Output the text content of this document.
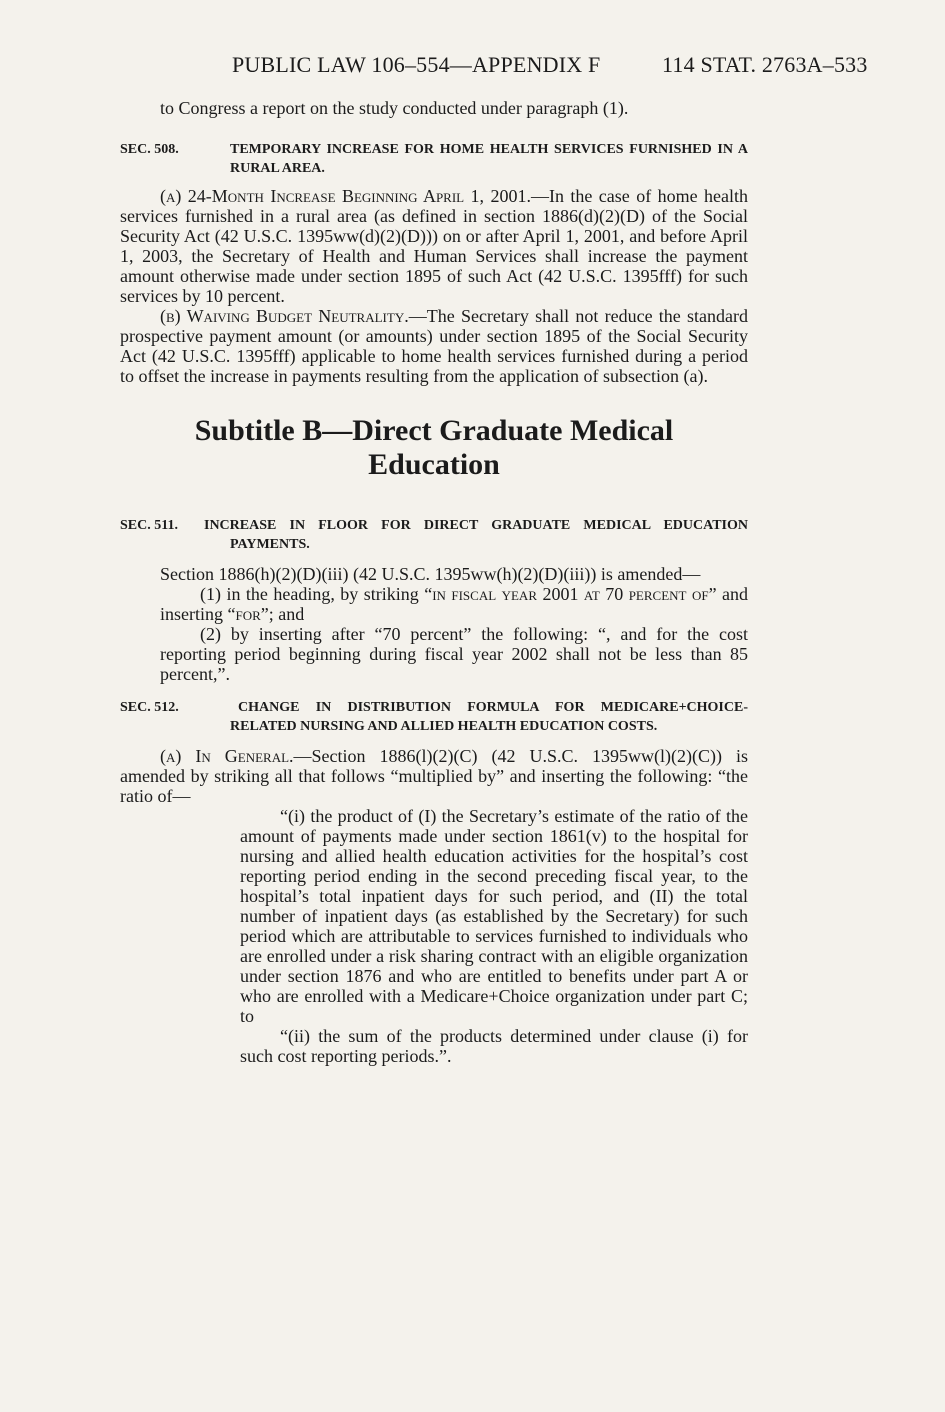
PUBLIC LAW 106–554—APPENDIX F	114 STAT. 2763A–533

to Congress a report on the study conducted under paragraph (1).

SEC. 508.	TEMPORARY INCREASE FOR HOME HEALTH SERVICES FURNISHED IN A RURAL AREA.

(a) 24-Month Increase Beginning April 1, 2001.—In the case of home health services furnished in a rural area (as defined in section 1886(d)(2)(D) of the Social Security Act (42 U.S.C. 1395ww(d)(2)(D))) on or after April 1, 2001, and before April 1, 2003, the Secretary of Health and Human Services shall increase the payment amount otherwise made under section 1895 of such Act (42 U.S.C. 1395fff) for such services by 10 percent.

(b) Waiving Budget Neutrality.—The Secretary shall not reduce the standard prospective payment amount (or amounts) under section 1895 of the Social Security Act (42 U.S.C. 1395fff) applicable to home health services furnished during a period to offset the increase in payments resulting from the application of subsection (a).

Subtitle B—Direct Graduate Medical

Education

SEC. 511. INCREASE IN FLOOR FOR DIRECT GRADUATE MEDICAL EDUCATION PAYMENTS.

Section 1886(h)(2)(D)(iii) (42 U.S.C. 1395ww(h)(2)(D)(iii)) is amended—

(1) in the heading, by striking “in fiscal year 2001 at 70 percent of” and inserting “for”; and

(2) by inserting after “70 percent” the following: “, and for the cost reporting period beginning during fiscal year 2002 shall not be less than 85 percent,”.

SEC. 512.	CHANGE IN DISTRIBUTION FORMULA FOR MEDICARE+CHOICE-RELATED NURSING AND ALLIED HEALTH EDUCATION COSTS.

(a) In General.—Section 1886(l)(2)(C) (42 U.S.C. 1395ww(l)(2)(C)) is amended by striking all that follows “multiplied by” and inserting the following: “the ratio of—

“(i) the product of (I) the Secretary’s estimate of the ratio of the amount of payments made under section 1861(v) to the hospital for nursing and allied health education activities for the hospital’s cost reporting period ending in the second preceding fiscal year, to the hospital’s total inpatient days for such period, and (II) the total number of inpatient days (as established by the Secretary) for such period which are attributable to services furnished to individuals who are enrolled under a risk sharing contract with an eligible organization under section 1876 and who are entitled to benefits under part A or who are enrolled with a Medicare+Choice organization under part C; to

“(ii) the sum of the products determined under clause (i) for such cost reporting periods.”.
